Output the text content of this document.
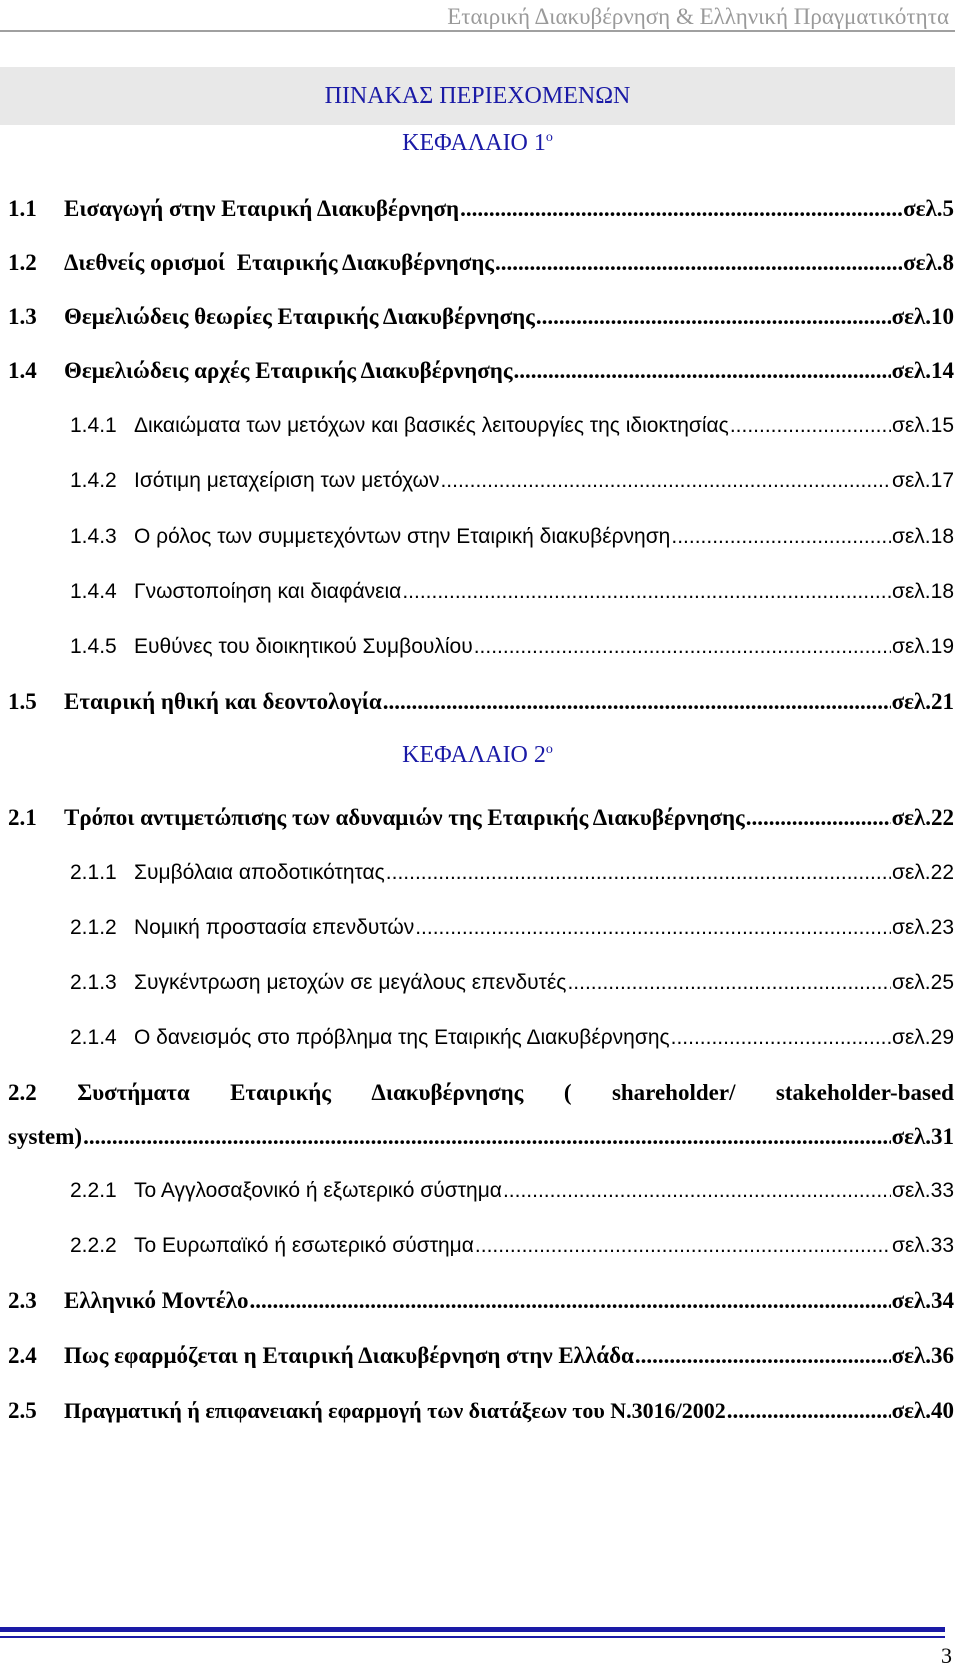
Εταιρική Διακυβέρνηση & Ελληνική Πραγματικότητα
ΠΙΝΑΚΑΣ ΠΕΡΙΕΧΟΜΕΝΩΝ
ΚΕΦΑΛΑΙΟ $1^o$
1.1	Εισαγωγή στην Εταιρική Διακυβέρνηση .....	σελ.5
1.2	Διεθνείς ορισμοί  Εταιρικής Διακυβέρνησης .....	σελ.8
1.3	Θεμελιώδεις θεωρίες Εταιρικής Διακυβέρνησης .....	σελ.10
1.4	Θεμελιώδεις αρχές Εταιρικής Διακυβέρνησης .....	σελ.14
1.4.1 Δικαιώματα των μετόχων και βασικές λειτουργίες της ιδιοκτησίας .....	σελ.15
1.4.2 Ισότιμη μεταχείριση των μετόχων .....	σελ.17
1.4.3 Ο ρόλος των συμμετεχόντων στην Εταιρική διακυβέρνηση .....	σελ.18
1.4.4 Γνωστοποίηση και διαφάνεια .....	σελ.18
1.4.5 Ευθύνες του διοικητικού Συμβουλίου .....	σελ.19
1.5	Εταιρική ηθική και δεοντολογία .....	σελ.21
ΚΕΦΑΛΑΙΟ $2^o$
2.1	Τρόποι αντιμετώπισης των αδυναμιών της Εταιρικής Διακυβέρνησης .....	σελ.22
2.1.1 Συμβόλαια αποδοτικότητας .....	σελ.22
2.1.2 Νομική προστασία επενδυτών .....	σελ.23
2.1.3 Συγκέντρωση μετοχών σε μεγάλους επενδυτές .....	σελ.25
2.1.4 Ο δανεισμός στο πρόβλημα της Εταιρικής Διακυβέρνησης .....	σελ.29
2.2 Συστήματα Εταιρικής Διακυβέρνησης ( shareholder/ stakeholder-based
system) .....	σελ.31
2.2.1 Το Αγγλοσαξονικό ή εξωτερικό σύστημα .....	σελ.33
2.2.2 Το Ευρωπαϊκό ή εσωτερικό σύστημα .....	σελ.33
2.3	Ελληνικό Μοντέλο .....	σελ.34
2.4	Πως εφαρμόζεται η Εταιρική Διακυβέρνηση στην Ελλάδα .....	σελ.36
2.5	Πραγματική ή επιφανειακή εφαρμογή των διατάξεων του Ν.3016/2002 .....	σελ.40
3
